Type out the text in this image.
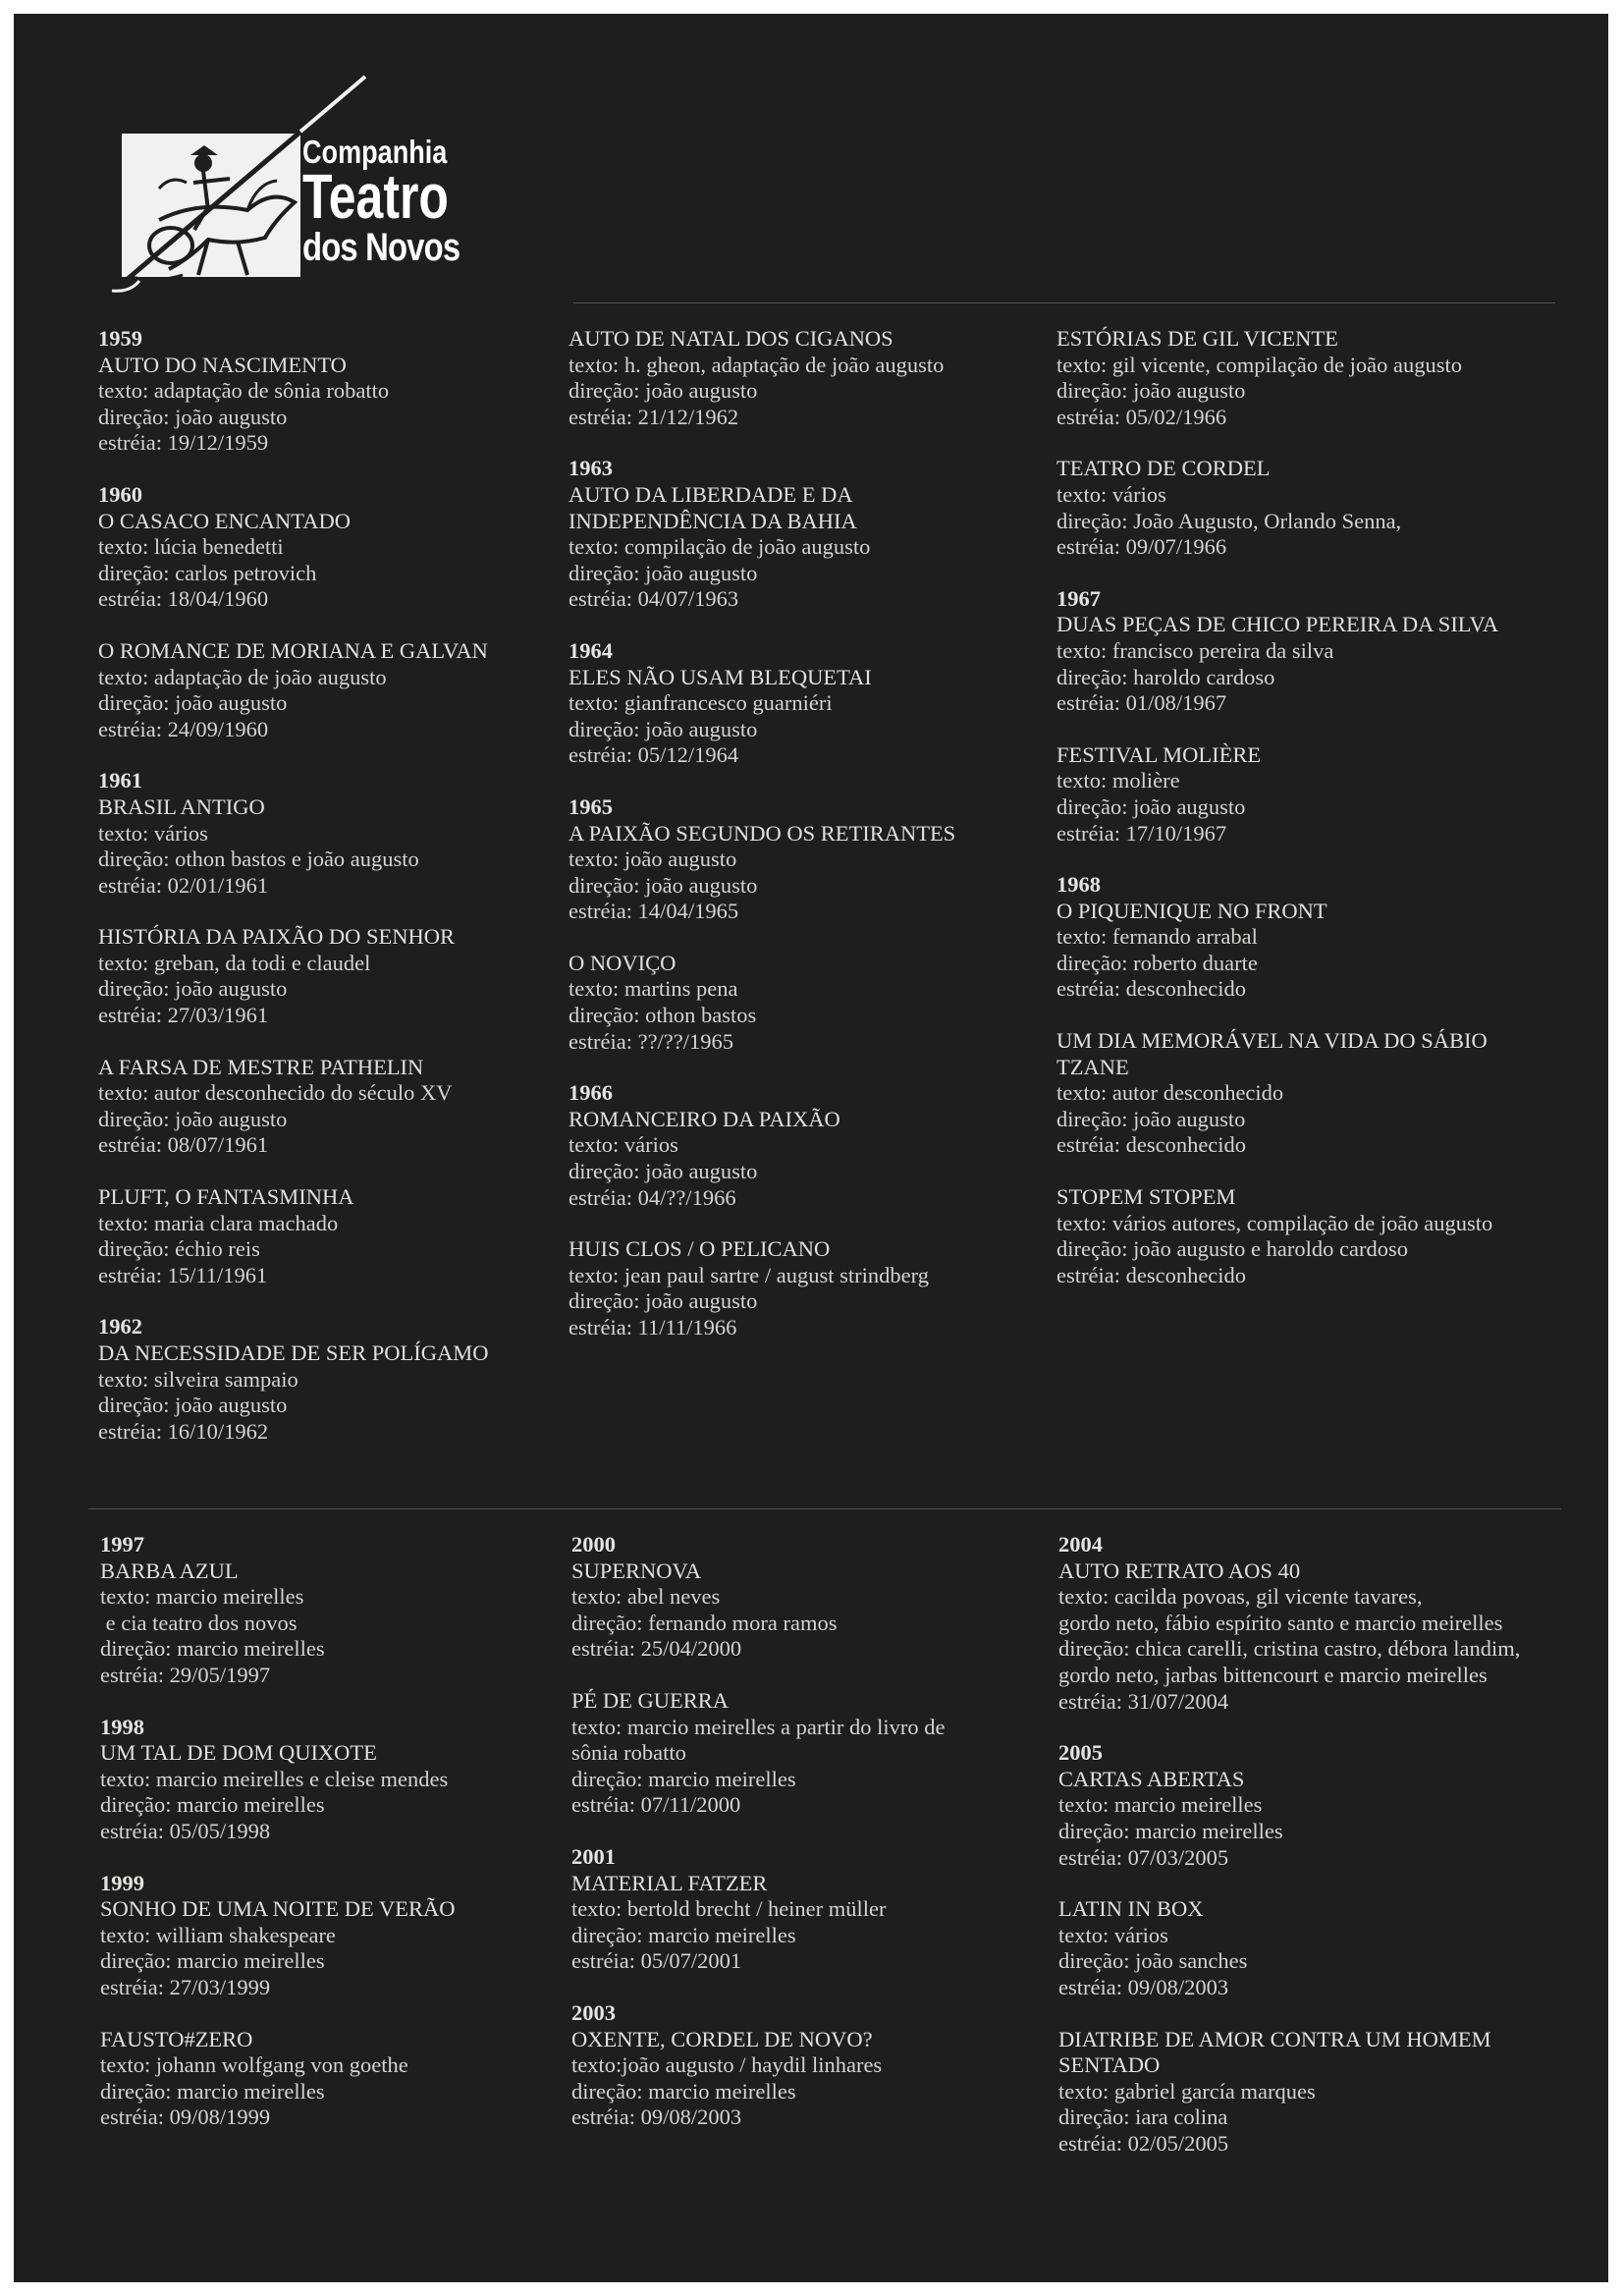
Companhia
Teatro
dos Novos
1959
AUTO DO NASCIMENTO
texto: adaptação de sônia robatto
direção: joão augusto
estréia: 19/12/1959
1960
O CASACO ENCANTADO
texto: lúcia benedetti
direção: carlos petrovich
estréia: 18/04/1960
O ROMANCE DE MORIANA E GALVAN
texto: adaptação de joão augusto
direção: joão augusto
estréia: 24/09/1960
1961
BRASIL ANTIGO
texto: vários
direção: othon bastos e joão augusto
estréia: 02/01/1961
HISTÓRIA DA PAIXÃO DO SENHOR
texto: greban, da todi e claudel
direção: joão augusto
estréia: 27/03/1961
A FARSA DE MESTRE PATHELIN
texto: autor desconhecido do século XV
direção: joão augusto
estréia: 08/07/1961
PLUFT, O FANTASMINHA
texto: maria clara machado
direção: échio reis
estréia: 15/11/1961
1962
DA NECESSIDADE DE SER POLÍGAMO
texto: silveira sampaio
direção: joão augusto
estréia: 16/10/1962
AUTO DE NATAL DOS CIGANOS
texto: h. gheon, adaptação de joão augusto
direção: joão augusto
estréia: 21/12/1962
1963
AUTO DA LIBERDADE E DA
INDEPENDÊNCIA DA BAHIA
texto: compilação de joão augusto
direção: joão augusto
estréia: 04/07/1963
1964
ELES NÃO USAM BLEQUETAI
texto: gianfrancesco guarniéri
direção: joão augusto
estréia: 05/12/1964
1965
A PAIXÃO SEGUNDO OS RETIRANTES
texto: joão augusto
direção: joão augusto
estréia: 14/04/1965
O NOVIÇO
texto: martins pena
direção: othon bastos
estréia: ??/??/1965
1966
ROMANCEIRO DA PAIXÃO
texto: vários
direção: joão augusto
estréia: 04/??/1966
HUIS CLOS / O PELICANO
texto: jean paul sartre / august strindberg
direção: joão augusto
estréia: 11/11/1966
ESTÓRIAS DE GIL VICENTE
texto: gil vicente, compilação de joão augusto
direção: joão augusto
estréia: 05/02/1966
TEATRO DE CORDEL
texto: vários
direção: João Augusto, Orlando Senna,
estréia: 09/07/1966
1967
DUAS PEÇAS DE CHICO PEREIRA DA SILVA
texto: francisco pereira da silva
direção: haroldo cardoso
estréia: 01/08/1967
FESTIVAL MOLIÈRE
texto: molière
direção: joão augusto
estréia: 17/10/1967
1968
O PIQUENIQUE NO FRONT
texto: fernando arrabal
direção: roberto duarte
estréia: desconhecido
UM DIA MEMORÁVEL NA VIDA DO SÁBIO
TZANE
texto: autor desconhecido
direção: joão augusto
estréia: desconhecido
STOPEM STOPEM
texto: vários autores, compilação de joão augusto
direção: joão augusto e haroldo cardoso
estréia: desconhecido
1997
BARBA AZUL
texto: marcio meirelles
e cia teatro dos novos
direção: marcio meirelles
estréia: 29/05/1997
1998
UM TAL DE DOM QUIXOTE
texto: marcio meirelles e cleise mendes
direção: marcio meirelles
estréia: 05/05/1998
1999
SONHO DE UMA NOITE DE VERÃO
texto: william shakespeare
direção: marcio meirelles
estréia: 27/03/1999
FAUSTO#ZERO
texto: johann wolfgang von goethe
direção: marcio meirelles
estréia: 09/08/1999
2000
SUPERNOVA
texto: abel neves
direção: fernando mora ramos
estréia: 25/04/2000
PÉ DE GUERRA
texto: marcio meirelles a partir do livro de
sônia robatto
direção: marcio meirelles
estréia: 07/11/2000
2001
MATERIAL FATZER
texto: bertold brecht / heiner müller
direção: marcio meirelles
estréia: 05/07/2001
2003
OXENTE, CORDEL DE NOVO?
texto:joão augusto / haydil linhares
direção: marcio meirelles
estréia: 09/08/2003
2004
AUTO RETRATO AOS 40
texto: cacilda povoas, gil vicente tavares,
gordo neto, fábio espírito santo e marcio meirelles
direção: chica carelli, cristina castro, débora landim,
gordo neto, jarbas bittencourt e marcio meirelles
estréia: 31/07/2004
2005
CARTAS ABERTAS
texto: marcio meirelles
direção: marcio meirelles
estréia: 07/03/2005
LATIN IN BOX
texto: vários
direção: joão sanches
estréia: 09/08/2003
DIATRIBE DE AMOR CONTRA UM HOMEM
SENTADO
texto: gabriel garcía marques
direção: iara colina
estréia: 02/05/2005
